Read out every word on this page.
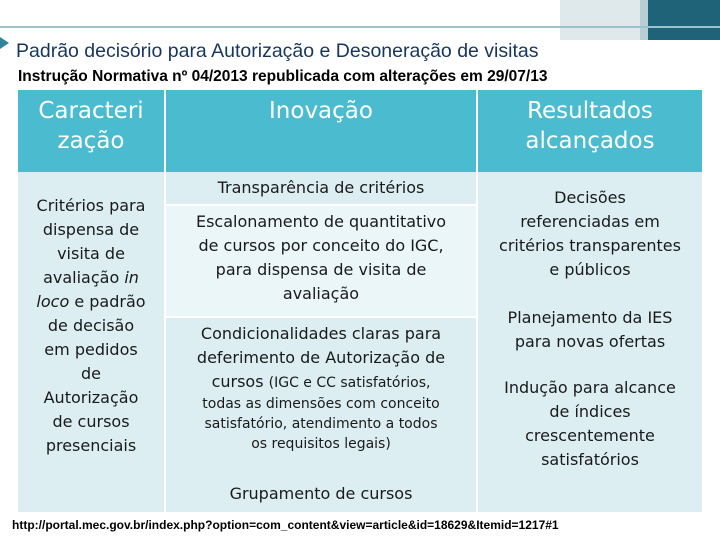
Padrão decisório para Autorização e Desoneração de visitas
Instrução Normativa nº 04/2013 republicada com alterações em 29/07/13
Caracteri zação
Inovação	Resultados alcançados
Critérios para
dispensa de
visita de
avaliação in
loco e padrão
de decisão
em pedidos
de
Autorização
de cursos
presenciais
Transparência de critérios
Escalonamento de quantitativo
de cursos por conceito do IGC,
para dispensa de visita de
avaliação
Condicionalidades claras para
deferimento de Autorização de
cursos (IGC e CC satisfatórios,
todas as dimensões com conceito
satisfatório, atendimento a todos
os requisitos legais)
Grupamento de cursos
Decisões
referenciadas em
critérios transparentes
e públicos
Planejamento da IES
para novas ofertas
Indução para alcance
de índices
crescentemente
satisfatórios
http://portal.mec.gov.br/index.php?option=com_content&view=article&id=18629&Itemid=1217#1
